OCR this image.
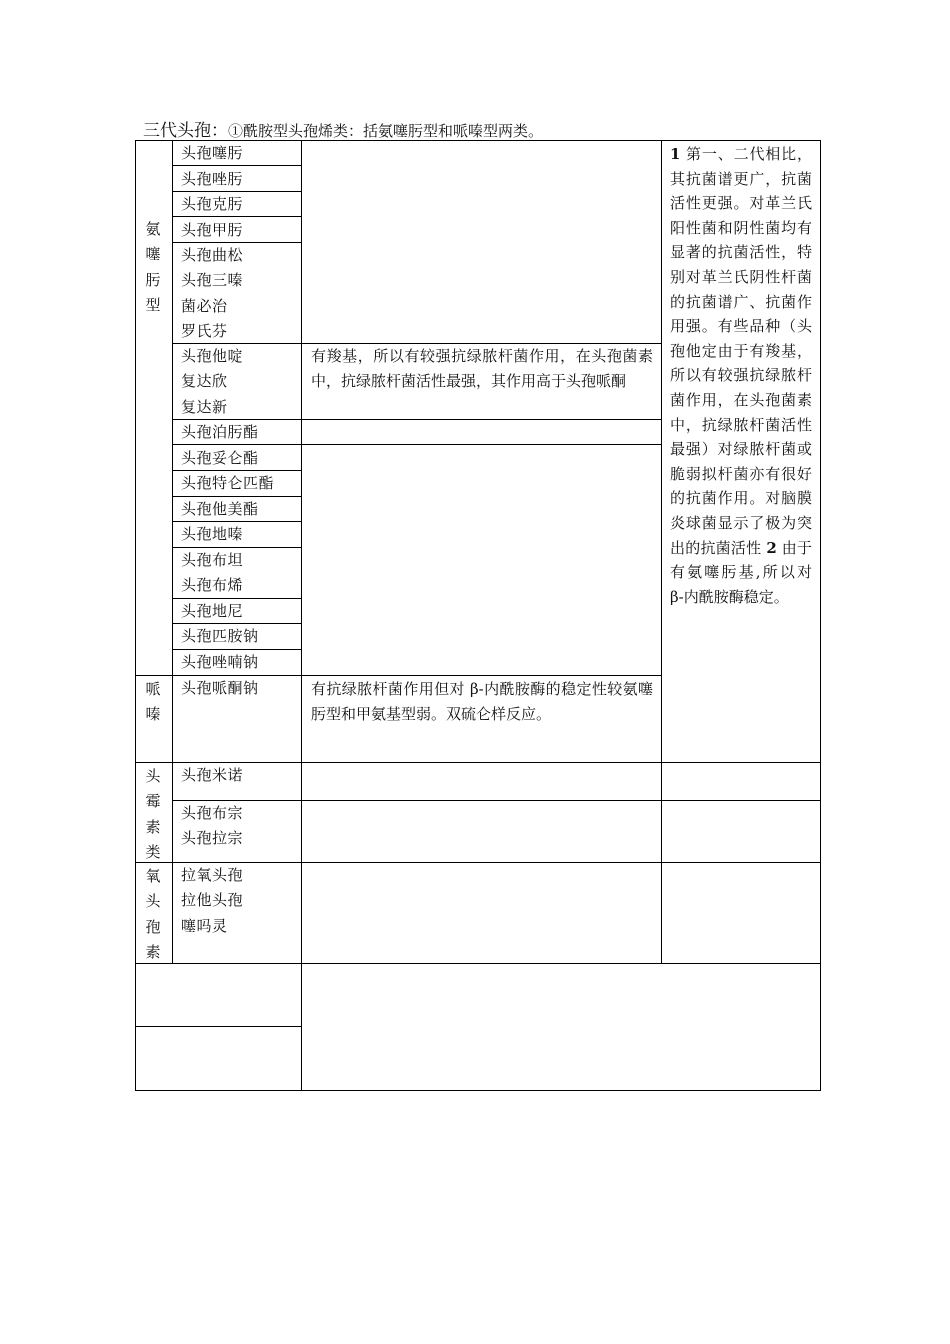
三代头孢：①酰胺型头孢烯类：括氨噻肟型和哌嗪型两类。
氨噻肟型
哌嗪
头霉素类
氧头孢素
头孢噻肟
头孢唑肟
头孢克肟
头孢甲肟
头孢曲松
头孢三嗪
菌必治
罗氏芬
头孢他啶
复达欣
复达新
头孢泊肟酯
头孢妥仑酯
头孢特仑匹酯
头孢他美酯
头孢地嗪
头孢布坦
头孢布烯
头孢地尼
头孢匹胺钠
头孢唑喃钠
头孢哌酮钠
头孢米诺
头孢布宗
头孢拉宗
拉氧头孢
拉他头孢
噻吗灵
有羧基，所以有较强抗绿脓杆菌作用，在头孢菌素中，抗绿脓杆菌活性最强，其作用高于头孢哌酮
有抗绿脓杆菌作用但对 β-内酰胺酶的稳定性较氨噻肟型和甲氨基型弱。双硫仑样反应。
1 第一、二代相比，其抗菌谱更广，抗菌活性更强。对革兰氏阳性菌和阴性菌均有显著的抗菌活性，特别对革兰氏阴性杆菌的抗菌谱广、抗菌作用强。有些品种（头孢他定由于有羧基，所以有较强抗绿脓杆菌作用，在头孢菌素中，抗绿脓杆菌活性最强）对绿脓杆菌或脆弱拟杆菌亦有很好的抗菌作用。对脑膜炎球菌显示了极为突出的抗菌活性 2 由于有氨噻肟基,所以对 β-内酰胺酶稳定。
